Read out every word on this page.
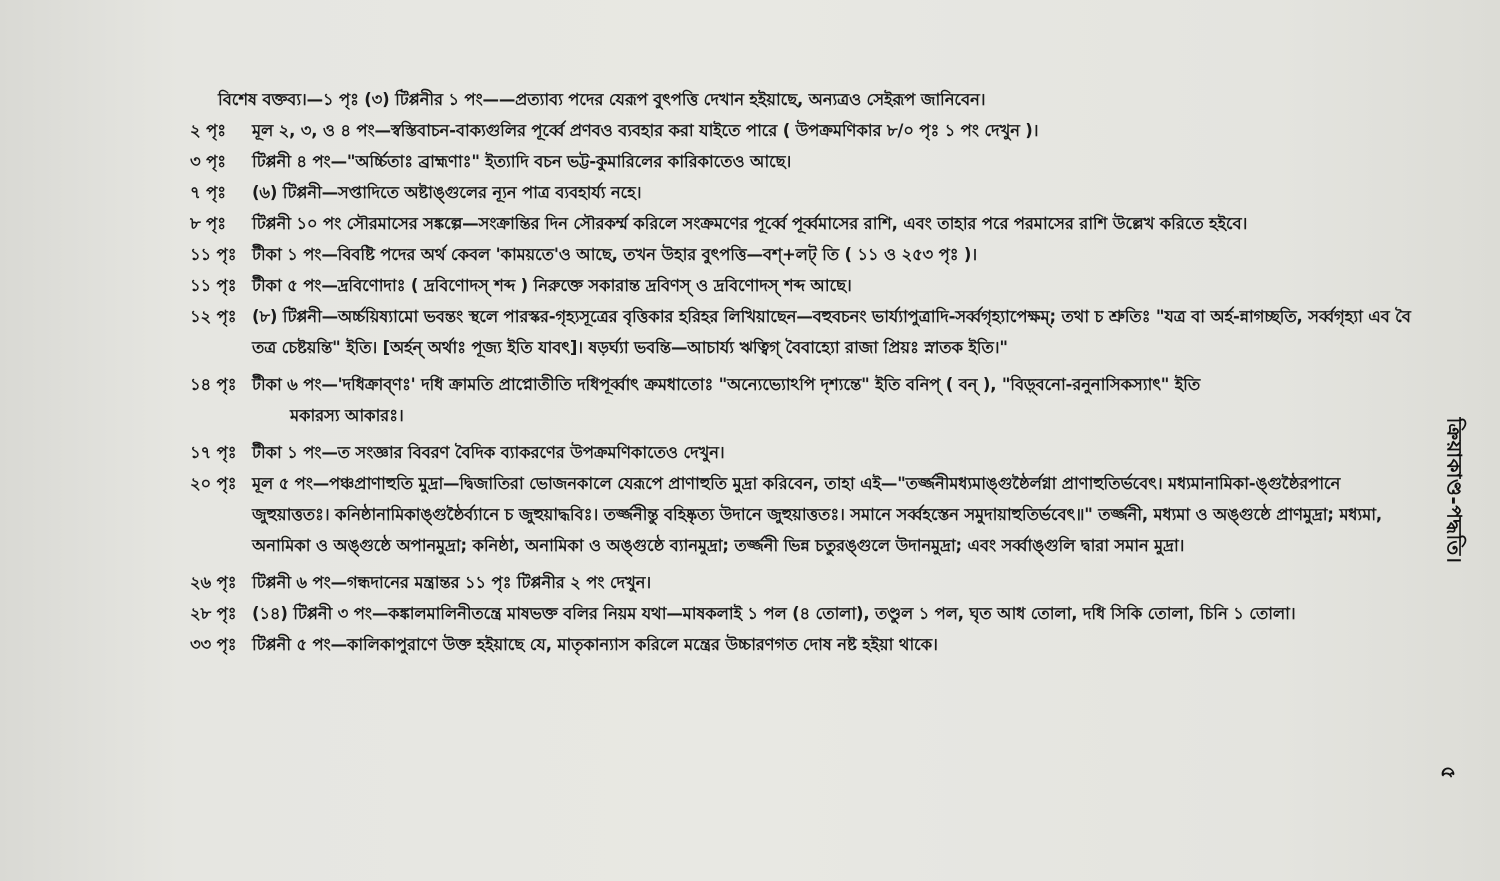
বিশেষ বক্তব্য।—১ পৃঃ (৩) টিপ্পনীর ১ পং——প্রত্যাব্য পদের যেরূপ বুৎপত্তি দেখান হইয়াছে, অন্যত্রও সেইরূপ জানিবেন।
২ পৃঃ	মূল ২, ৩, ও ৪ পং—স্বস্তিবাচন-বাক্যগুলির পূর্ব্বে প্রণবও ব্যবহার করা যাইতে পারে ( উপক্রমণিকার ৮/০ পৃঃ ১ পং দেখুন )।
৩ পৃঃ	টিপ্পনী ৪ পং—"অর্চ্চিতাঃ ব্রাহ্মণাঃ" ইত্যাদি বচন ভট্ট-কুমারিলের কারিকাতেও আছে।
৭ পৃঃ	(৬) টিপ্পনী—সপ্তাদিতে অষ্টাঙ্গুলের ন্যূন পাত্র ব্যবহার্য্য নহে।
৮ পৃঃ	টিপ্পনী ১০ পং সৌরমাসের সঙ্কল্পে—সংক্রান্তির দিন সৌরকর্ম্ম করিলে সংক্রমণের পূর্ব্বে পূর্ব্বমাসের রাশি, এবং তাহার পরে পরমাসের রাশি উল্লেখ করিতে হইবে।
১১ পৃঃ টীকা ১ পং—বিবষ্টি পদের অর্থ কেবল 'কাময়তে'ও আছে, তখন উহার বুৎপত্তি—বশ্‌+লট্‌ তি ( ১১ ও ২৫৩ পৃঃ )।
১১ পৃঃ টীকা ৫ পং—দ্রবিণোদাঃ ( দ্রবিণোদস্‌ শব্দ ) নিরুক্তে সকারান্ত দ্রবিণস্‌ ও দ্রবিণোদস্‌ শব্দ আছে।
১২ পৃঃ (৮) টিপ্পনী—অর্চ্চয়িষ্যামো ভবন্তং স্থলে পারস্কর-গৃহ্যসূত্রের বৃত্তিকার হরিহর লিখিয়াছেন—বহুবচনং ভার্য্যাপুত্রাদি-সর্ব্বগৃহ্যাপেক্ষম্‌; তথা চ শ্রুতিঃ "যত্র বা অর্হ-ন্নাগচ্ছতি, সর্ব্বগৃহ্যা এব বৈ তত্র চেষ্টয়ন্তি" ইতি। [অর্হন্‌ অর্থাঃ পূজ্য ইতি যাবৎ]। ষড়র্ঘ্যা ভবন্তি—আচার্য্য ঋত্বিগ্‌ বৈবাহ্যো রাজা প্রিয়ঃ স্নাতক ইতি।"
১৪ পৃঃ টীকা ৬ পং—'দধিক্রাব্‌ণঃ' দধি ক্রামতি প্রাপ্নোতীতি দধিপূর্ব্বাৎ ক্রমধাতোঃ "অন্যেভ্যোঽপি দৃশ্যন্তে" ইতি বনিপ্‌ ( বন্‌ ), "বিড়্‌বনো-রনুনাসিকস্যাৎ" ইতি
মকারস্য আকারঃ।
১৭ পৃঃ টীকা ১ পং—ত সংজ্ঞার বিবরণ বৈদিক ব্যাকরণের উপক্রমণিকাতেও দেখুন।
২০ পৃঃ মূল ৫ পং—পঞ্চপ্রাণাহুতি মুদ্রা—দ্বিজাতিরা ভোজনকালে যেরূপে প্রাণাহুতি মুদ্রা করিবেন, তাহা এই—"তর্জ্জনীমধ্যমাঙ্গুষ্ঠৈর্লগ্না প্রাণাহুতির্ভবেৎ। মধ্যমানামিকা-ঙ্গুষ্ঠৈরপানে জুহুয়াত্ততঃ। কনিষ্ঠানামিকাঙ্গুষ্ঠৈর্ব্যানে চ জুহুয়াদ্ধবিঃ। তর্জ্জনীন্তু বহিষ্কৃত্য উদানে জুহুয়াত্ততঃ। সমানে সর্ব্বহস্তেন সমুদায়াহুতির্ভবেৎ॥" তর্জ্জনী, মধ্যমা ও অঙ্গুষ্ঠে প্রাণমুদ্রা; মধ্যমা, অনামিকা ও অঙ্গুষ্ঠে অপানমুদ্রা; কনিষ্ঠা, অনামিকা ও অঙ্গুষ্ঠে ব্যানমুদ্রা; তর্জ্জনী ভিন্ন চতুরঙ্গুলে উদানমুদ্রা; এবং সর্ব্বাঙ্গুলি দ্বারা সমান মুদ্রা।
২৬ পৃঃ টিপ্পনী ৬ পং—গন্ধদানের মন্ত্রান্তর ১১ পৃঃ টিপ্পনীর ২ পং দেখুন।
২৮ পৃঃ (১৪) টিপ্পনী ৩ পং—কঙ্কালমালিনীতন্ত্রে মাষভক্ত বলির নিয়ম যথা—মাষকলাই ১ পল (৪ তোলা), তণ্ডুল ১ পল, ঘৃত আধ তোলা, দধি সিকি তোলা, চিনি ১ তোলা।
৩৩ পৃঃ টিপ্পনী ৫ পং—কালিকাপুরাণে উক্ত হইয়াছে যে, মাতৃকান্যাস করিলে মন্ত্রের উচ্চারণগত দোষ নষ্ট হইয়া থাকে।
ক্রিয়াকাণ্ড-পদ্ধতি।
৫
